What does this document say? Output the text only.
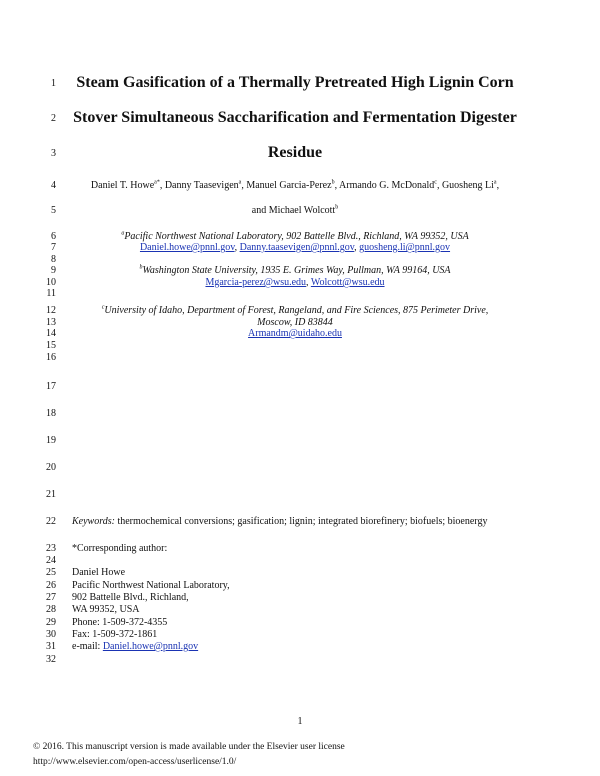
1
2
3
4
5
6
7
8
9
10
11
12
13
14
15
16
17
18
19
20
21
22
23
24
25
26
27
28
29
30
31
32
Steam Gasification of a Thermally Pretreated High Lignin Corn
Stover Simultaneous Saccharification and Fermentation Digester
Residue
Daniel T. Howe$^{a*}$, Danny Taasevigen$^a$, Manuel Garcia-Perez$^b$, Armando G. McDonald$^c$, Guosheng Li$^a$,
and Michael Wolcott$^b$
$^a$Pacific Northwest National Laboratory, 902 Battelle Blvd., Richland, WA 99352, USA
Daniel.howe@pnnl.gov, Danny.taasevigen@pnnl.gov, guosheng.li@pnnl.gov
$^b$Washington State University, 1935 E. Grimes Way, Pullman, WA 99164, USA
Mgarcia-perez@wsu.edu, Wolcott@wsu.edu
$^c$University of Idaho, Department of Forest, Rangeland, and Fire Sciences, 875 Perimeter Drive,
Moscow, ID 83844
Armandm@uidaho.edu
Keywords: thermochemical conversions; gasification; lignin; integrated biorefinery; biofuels; bioenergy
*Corresponding author:
Daniel Howe
Pacific Northwest National Laboratory,
902 Battelle Blvd., Richland,
WA 99352, USA
Phone: 1-509-372-4355
Fax: 1-509-372-1861
e-mail: Daniel.howe@pnnl.gov
1
© 2016. This manuscript version is made available under the Elsevier user license
http://www.elsevier.com/open-access/userlicense/1.0/
